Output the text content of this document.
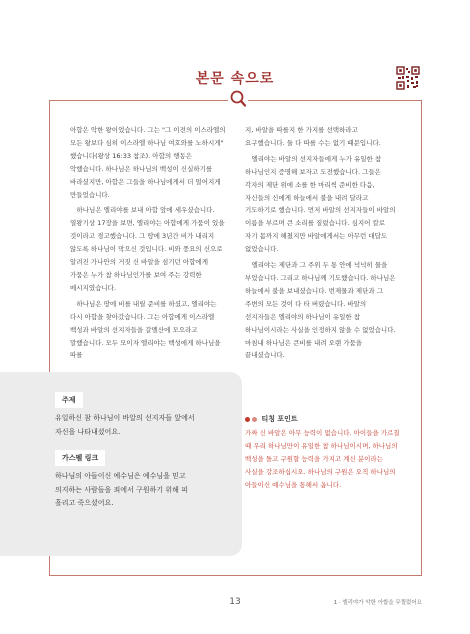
본문 속으로

아합은 악한 왕이었습니다. 그는 "그 이전의 이스라엘의 모든 왕보다 심히 이스라엘 하나님 여호와를 노하시게" 했습니다(왕상 16:33 참조). 아합의 행동은 악했습니다. 하나님은 하나님의 백성이 신실하기를 바라셨지만, 아합은 그들을 하나님에게서 더 멀어지게 만들었습니다.

하나님은 엘리야를 보내 아합 앞에 세우셨습니다. 열왕기상 17장을 보면, 엘리야는 아합에게 가뭄이 있을 것이라고 경고했습니다. 그 땅에 3년간 비가 내리지 않도록 하나님이 막으신 것입니다. 비와 풍요의 신으로 알려진 가나안의 거짓 신 바알을 섬기던 아합에게 가뭄은 누가 참 하나님인가를 보여 주는 강력한 메시지였습니다.

하나님은 땅에 비를 내릴 준비를 하셨고, 엘리야는 다시 아합을 찾아갔습니다. 그는 아합에게 이스라엘 백성과 바알의 선지자들을 갈멜산에 모으라고 말했습니다. 모두 모이자 엘리야는 백성에게 하나님을 따를

지, 바알을 따를지 한 가지를 선택하라고 요구했습니다. 둘 다 따를 수는 없기 때문입니다.

엘리야는 바알의 선지자들에게 누가 유일한 참 하나님인지 증명해 보자고 도전했습니다. 그들은 각자의 제단 위에 소를 한 마리씩 준비한 다음, 자신들의 신에게 하늘에서 불을 내려 달라고 기도하기로 했습니다. 먼저 바알의 선지자들이 바알의 이름을 부르며 큰 소리를 질렀습니다. 심지어 칼로 자기 몸까지 해쳤지만 바알에게서는 아무런 대답도 없었습니다.

엘리야는 제단과 그 주위 두 통 안에 넉넉히 물을 부었습니다. 그리고 하나님께 기도했습니다. 하나님은 하늘에서 불을 보내셨습니다. 번제물과 제단과 그 주변의 모든 것이 다 타 버렸습니다. 바알의 선지자들은 엘리야의 하나님이 유일한 참 하나님이시라는 사실을 인정하지 않을 수 없었습니다. 마침내 하나님은 큰비를 내려 오랜 가뭄을 끝내셨습니다.

티칭 포인트
가짜 신 바알은 아무 능력이 없습니다. 아이들을 가르칠 때 우리 하나님만이 유일한 참 하나님이시며, 하나님의 백성을 돌고 구원할 능력을 가지고 계신 분이라는 사실을 강조하십시오. 하나님의 구원은 오직 하나님의 아들이신 예수님을 통해서 옵니다.
주제
유일하신 참 하나님이 바알의 선지자들 앞에서 자신을 나타내셨어요.
가스펠 링크
하나님의 아들이신 예수님은 예수님을 믿고 의지하는 사람들을 죄에서 구원하기 위해 피 흘리고 죽으셨어요.
13	1 · 엘리야가 악한 아합을 무찔렀어요
